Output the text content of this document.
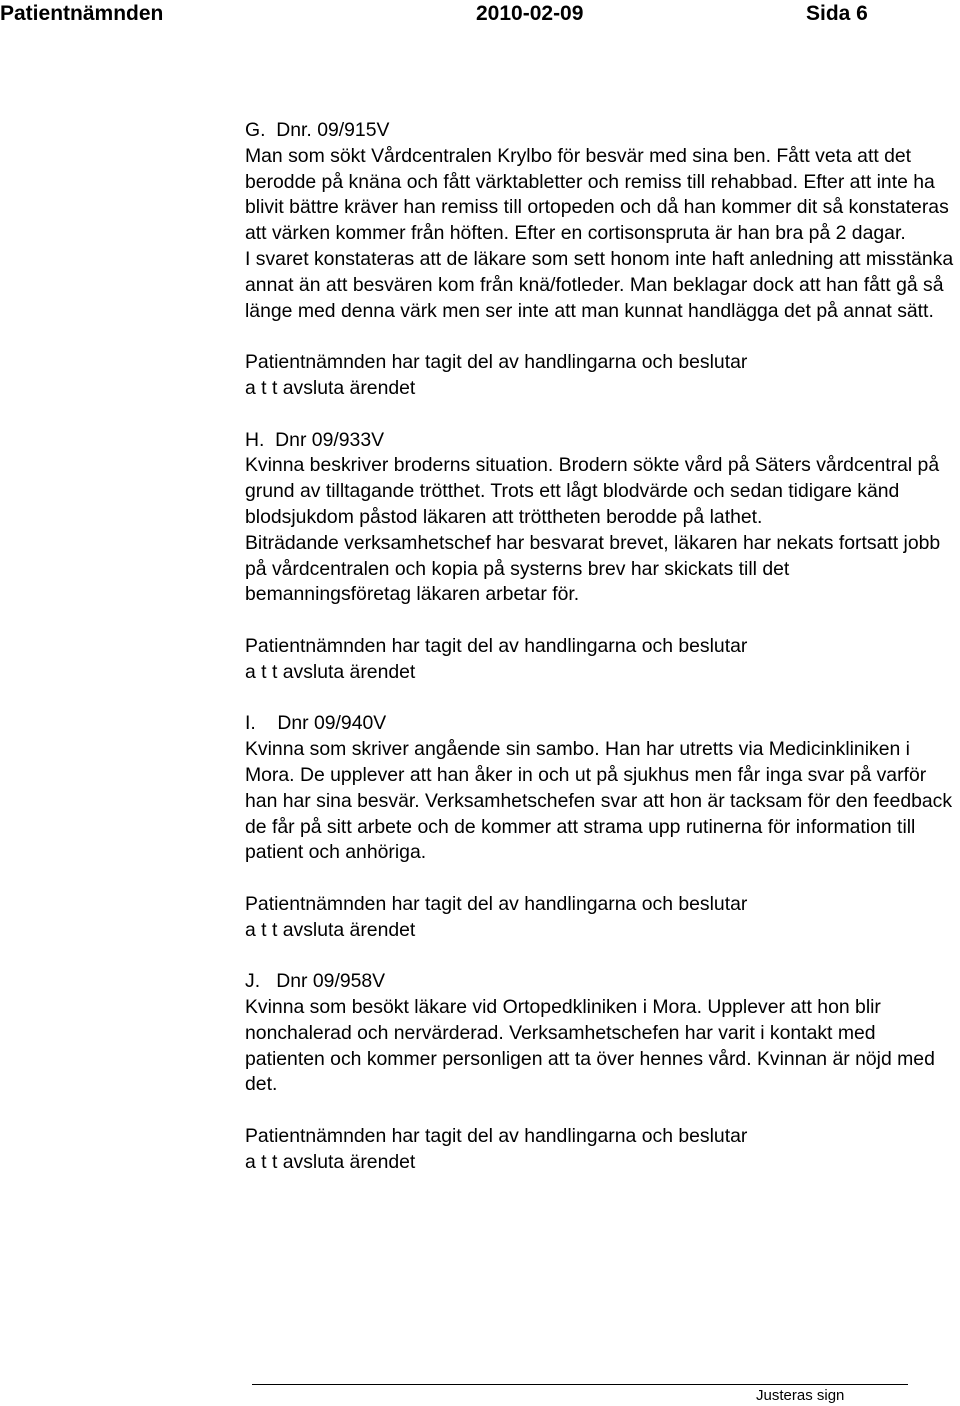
Patientnämnden	2010-02-09	Sida 6
G.  Dnr. 09/915V

Man som sökt Vårdcentralen Krylbo för besvär med sina ben. Fått veta att det berodde på knäna och fått värktabletter och remiss till rehabbad. Efter att inte ha blivit bättre kräver han remiss till ortopeden och då han kommer dit så konstateras att värken kommer från höften. Efter en cortisonspruta är han bra på 2 dagar.

I svaret konstateras att de läkare som sett honom inte haft anledning att misstänka annat än att besvären kom från knä/fotleder. Man beklagar dock att han fått gå så länge med denna värk men ser inte att man kunnat handlägga det på annat sätt.

Patientnämnden har tagit del av handlingarna och beslutar
a t t avsluta ärendet
H.  Dnr 09/933V

Kvinna beskriver broderns situation. Brodern sökte vård på Säters vårdcentral på grund av tilltagande trötthet. Trots ett lågt blodvärde och sedan tidigare känd blodsjukdom påstod läkaren att tröttheten berodde på lathet.

Biträdande verksamhetschef har besvarat brevet, läkaren har nekats fortsatt jobb på vårdcentralen och kopia på systerns brev har skickats till det bemanningsföretag läkaren arbetar för.

Patientnämnden har tagit del av handlingarna och beslutar
a t t avsluta ärendet
I.    Dnr 09/940V

Kvinna som skriver angående sin sambo. Han har utretts via Medicinkliniken i Mora. De upplever att han åker in och ut på sjukhus men får inga svar på varför han har sina besvär. Verksamhetschefen svar att hon är tacksam för den feedback de får på sitt arbete och de kommer att strama upp rutinerna för information till patient och anhöriga.

Patientnämnden har tagit del av handlingarna och beslutar
a t t avsluta ärendet
J.   Dnr 09/958V

Kvinna som besökt läkare vid Ortopedkliniken i Mora. Upplever att hon blir nonchalerad och nervärderad. Verksamhetschefen har varit i kontakt med patienten och kommer personligen att ta över hennes vård. Kvinnan är nöjd med det.

Patientnämnden har tagit del av handlingarna och beslutar
a t t avsluta ärendet
Justeras sign
